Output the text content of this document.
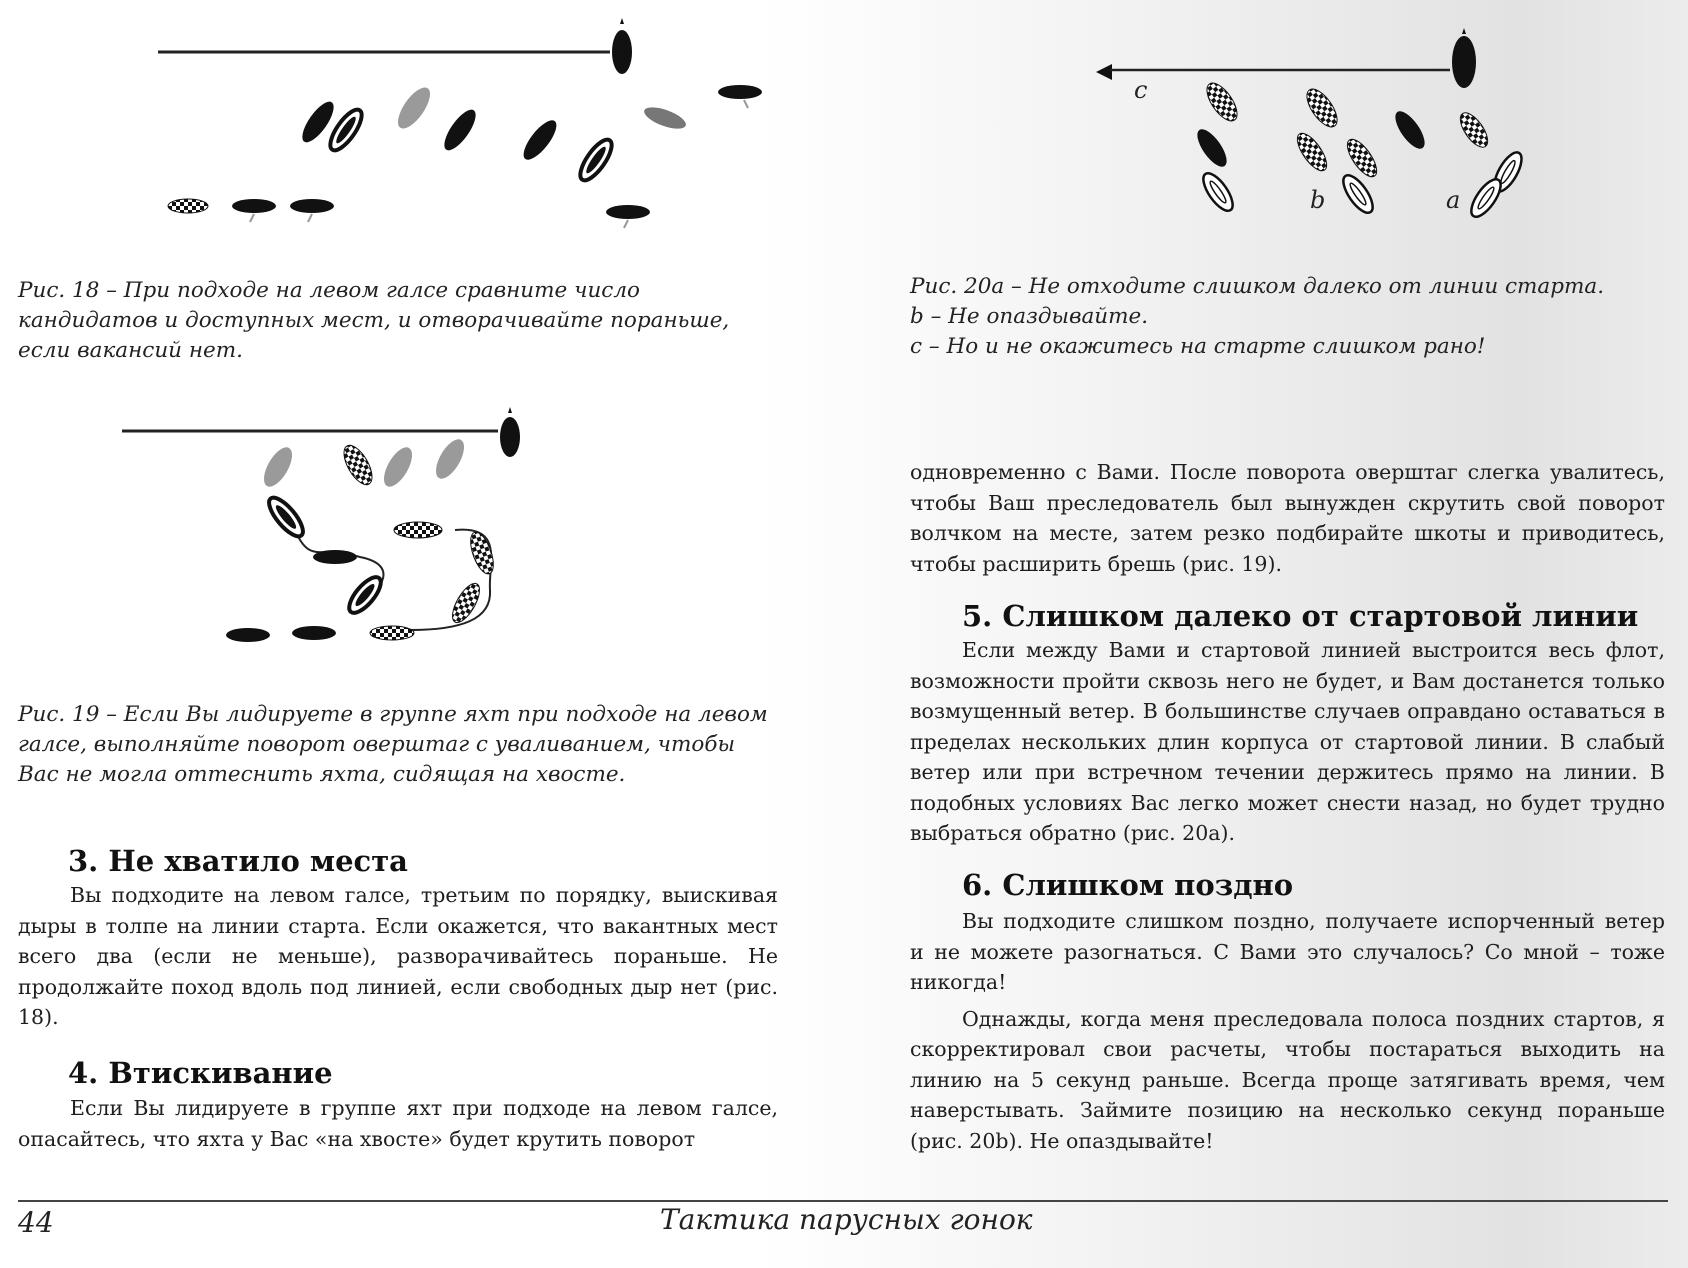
Рис. 18 – При подходе на левом галсе сравните число кандидатов и доступных мест, и отворачивайте пораньше, если вакансий нет.
Рис. 19 – Если Вы лидируете в группе яхт при подходе на левом галсе, выполняйте поворот оверштаг с уваливанием, чтобы Вас не могла оттеснить яхта, сидящая на хвосте.
3. Не хватило места

Вы подходите на левом галсе, третьим по порядку, выискивая дыры в толпе на линии старта. Если окажется, что вакантных мест всего два (если не меньше), разворачивайтесь пораньше. Не продолжайте поход вдоль под линией, если свободных дыр нет (рис. 18).

4. Втискивание

Если Вы лидируете в группе яхт при подходе на левом галсе, опасайтесь, что яхта у Вас «на хвосте» будет крутить поворот

c
b	a
Рис. 20а – Не отходите слишком далеко от линии старта.
b – Не опаздывайте.
c – Но и не окажитесь на старте слишком рано!

одновременно с Вами. После поворота оверштаг слегка увалитесь, чтобы Ваш преследователь был вынужден скрутить свой поворот волчком на месте, затем резко подбирайте шкоты и приводитесь, чтобы расширить брешь (рис. 19).

5. Слишком далеко от стартовой линии

Если между Вами и стартовой линией выстроится весь флот, возможности пройти сквозь него не будет, и Вам достанется только возмущенный ветер. В большинстве случаев оправдано оставаться в пределах нескольких длин корпуса от стартовой линии. В слабый ветер или при встречном течении держитесь прямо на линии. В подобных условиях Вас легко может снести назад, но будет трудно выбраться обратно (рис. 20а).

6. Слишком поздно

Вы подходите слишком поздно, получаете испорченный ветер и не можете разогнаться. С Вами это случалось? Со мной – тоже никогда!

Однажды, когда меня преследовала полоса поздних стартов, я скорректировал свои расчеты, чтобы постараться выходить на линию на 5 секунд раньше. Всегда проще затягивать время, чем наверстывать. Займите позицию на несколько секунд пораньше (рис. 20b). Не опаздывайте!

44	Тактика парусных гонок
